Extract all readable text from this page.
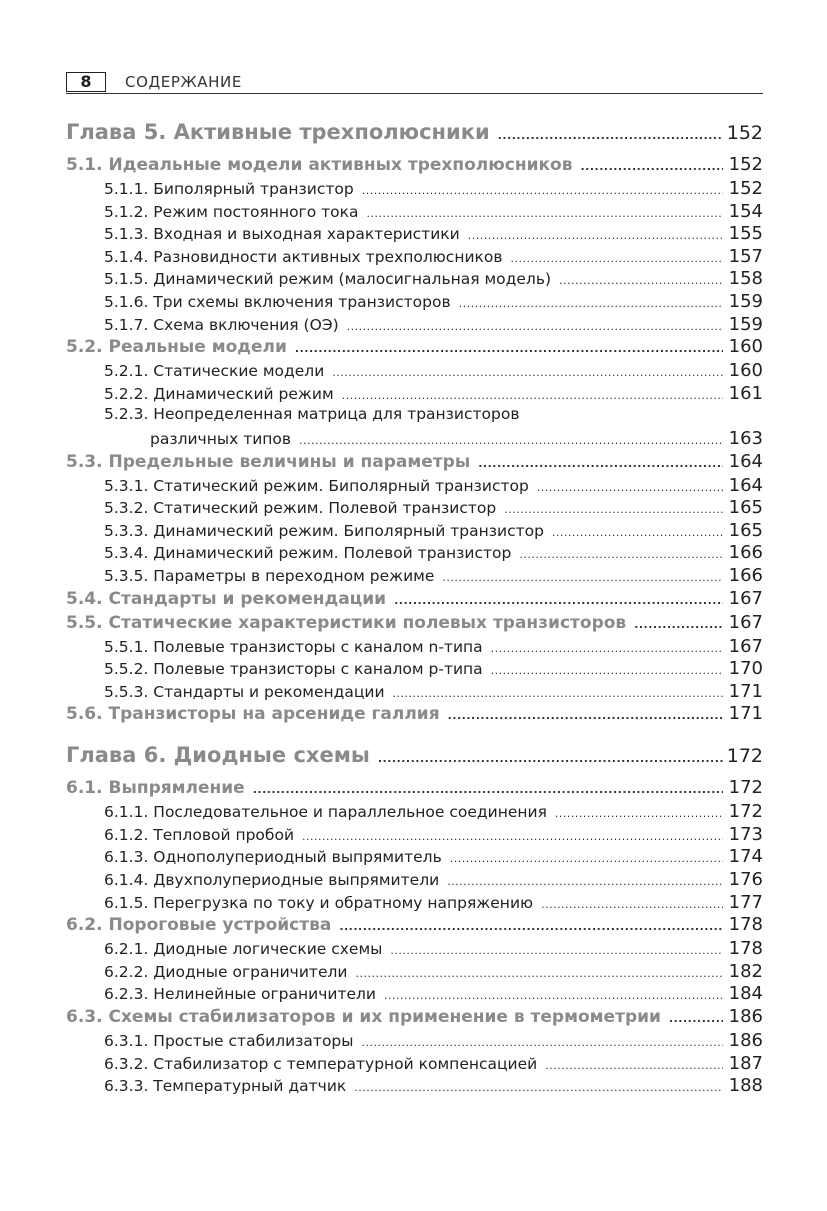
8	СОДЕРЖАНИЕ
Глава 5. Активные трехполюсники .....	152
5.1. Идеальные модели активных трехполюсников .....	152
5.1.1. Биполярный транзистор .....	152
5.1.2. Режим постоянного тока .....	154
5.1.3. Входная и выходная характеристики .....	155
5.1.4. Разновидности активных трехполюсников .....	157
5.1.5. Динамический режим (малосигнальная модель) .....	158
5.1.6. Три схемы включения транзисторов .....	159
5.1.7. Схема включения (ОЭ) .....	159
5.2. Реальные модели .....	160
5.2.1. Статические модели .....	160
5.2.2. Динамический режим .....	161
5.2.3. Неопределенная матрица для транзисторов
различных типов .....	163
5.3. Предельные величины и параметры .....	164
5.3.1. Статический режим. Биполярный транзистор .....	164
5.3.2. Статический режим. Полевой транзистор .....	165
5.3.3. Динамический режим. Биполярный транзистор .....	165
5.3.4. Динамический режим. Полевой транзистор .....	166
5.3.5. Параметры в переходном режиме .....	166
5.4. Стандарты и рекомендации .....	167
5.5. Статические характеристики полевых транзисторов .....	167
5.5.1. Полевые транзисторы с каналом n-типа .....	167
5.5.2. Полевые транзисторы с каналом p-типа .....	170
5.5.3. Стандарты и рекомендации .....	171
5.6. Транзисторы на арсениде галлия .....	171
Глава 6. Диодные схемы .....	172
6.1. Выпрямление .....	172
6.1.1. Последовательное и параллельное соединения .....	172
6.1.2. Тепловой пробой .....	173
6.1.3. Однополупериодный выпрямитель .....	174
6.1.4. Двухполупериодные выпрямители .....	176
6.1.5. Перегрузка по току и обратному напряжению .....	177
6.2. Пороговые устройства .....	178
6.2.1. Диодные логические схемы .....	178
6.2.2. Диодные ограничители .....	182
6.2.3. Нелинейные ограничители .....	184
6.3. Схемы стабилизаторов и их применение в термометрии .....	186
6.3.1. Простые стабилизаторы .....	186
6.3.2. Стабилизатор с температурной компенсацией .....	187
6.3.3. Температурный датчик .....	188
